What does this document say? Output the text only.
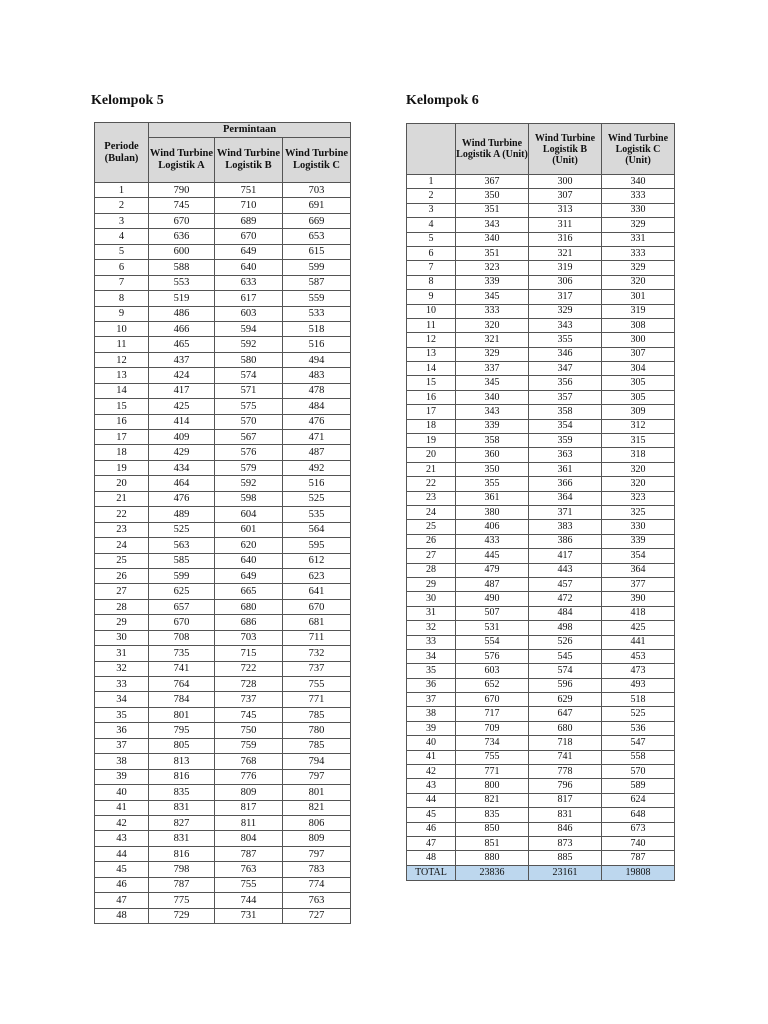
Kelompok 5
Periode (Bulan)	Permintaan		
	Wind Turbine Logistik A	Wind Turbine Logistik B	Wind Turbine Logistik C
1	790	751	703
2	745	710	691
3	670	689	669
4	636	670	653
5	600	649	615
6	588	640	599
7	553	633	587
8	519	617	559
9	486	603	533
10	466	594	518
11	465	592	516
12	437	580	494
13	424	574	483
14	417	571	478
15	425	575	484
16	414	570	476
17	409	567	471
18	429	576	487
19	434	579	492
20	464	592	516
21	476	598	525
22	489	604	535
23	525	601	564
24	563	620	595
25	585	640	612
26	599	649	623
27	625	665	641
28	657	680	670
29	670	686	681
30	708	703	711
31	735	715	732
32	741	722	737
33	764	728	755
34	784	737	771
35	801	745	785
36	795	750	780
37	805	759	785
38	813	768	794
39	816	776	797
40	835	809	801
41	831	817	821
42	827	811	806
43	831	804	809
44	816	787	797
45	798	763	783
46	787	755	774
47	775	744	763
48	729	731	727
Kelompok 6
	Wind Turbine Logistik A (Unit)	Wind Turbine Logistik B (Unit)	Wind Turbine Logistik C (Unit)
1	367	300	340
2	350	307	333
3	351	313	330
4	343	311	329
5	340	316	331
6	351	321	333
7	323	319	329
8	339	306	320
9	345	317	301
10	333	329	319
11	320	343	308
12	321	355	300
13	329	346	307
14	337	347	304
15	345	356	305
16	340	357	305
17	343	358	309
18	339	354	312
19	358	359	315
20	360	363	318
21	350	361	320
22	355	366	320
23	361	364	323
24	380	371	325
25	406	383	330
26	433	386	339
27	445	417	354
28	479	443	364
29	487	457	377
30	490	472	390
31	507	484	418
32	531	498	425
33	554	526	441
34	576	545	453
35	603	574	473
36	652	596	493
37	670	629	518
38	717	647	525
39	709	680	536
40	734	718	547
41	755	741	558
42	771	778	570
43	800	796	589
44	821	817	624
45	835	831	648
46	850	846	673
47	851	873	740
48	880	885	787
TOTAL	23836	23161	19808
